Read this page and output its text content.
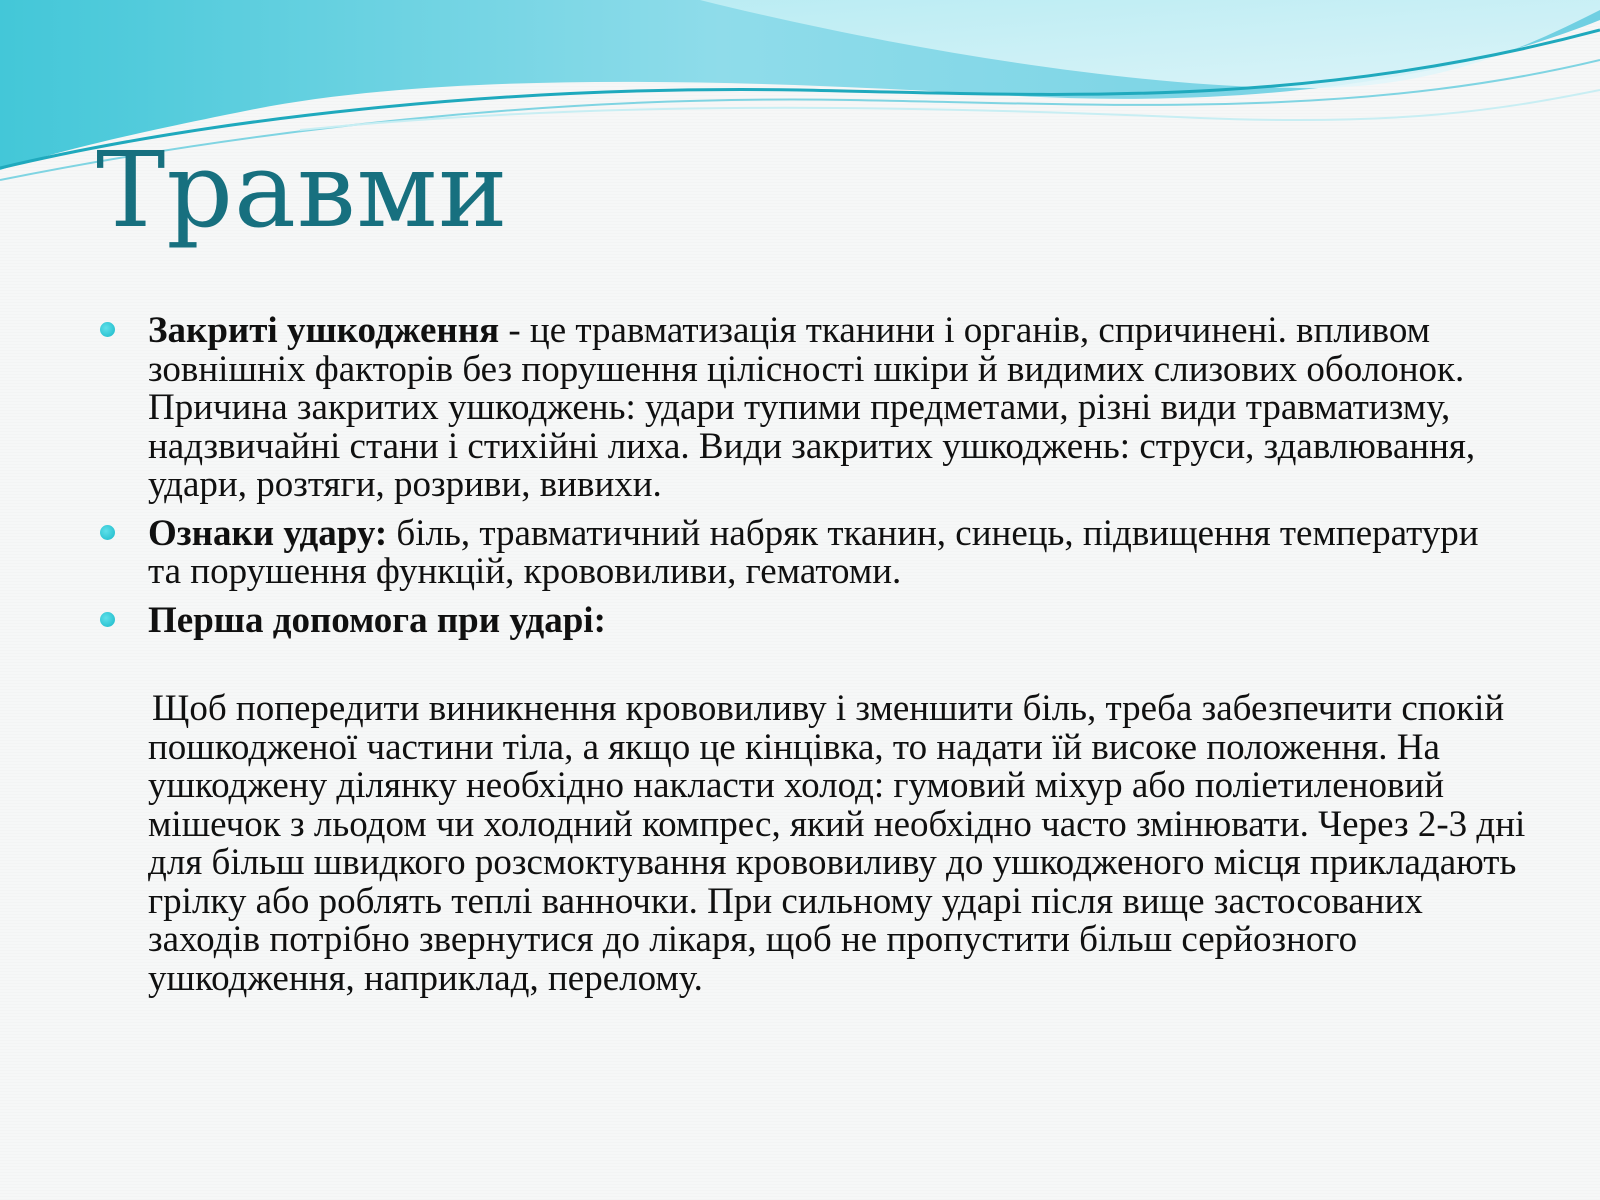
Травми
Закриті ушкодження - це травматизація тканини і органів, спричинені. впливом зовнішніх факторів без порушення цілісності шкіри й видимих слизових оболонок. Причина закритих ушкоджень: удари тупими предметами, різні види травматизму, надзвичайні стани і стихійні лиха. Види закритих ушкоджень: струси, здавлювання, удари, розтяги, розриви, вивихи.
Ознаки удару: біль, травматичний набряк тканин, синець, підвищення температури та порушення функцій, крововиливи, гематоми.
Перша допомога при ударі:

Щоб попередити виникнення крововиливу і зменшити біль, треба забезпечити спокій пошкодженої частини тіла, а якщо це кінцівка, то надати їй високе положення. На ушкоджену ділянку необхідно накласти холод: гумовий міхур або поліетиленовий мішечок з льодом чи холодний компрес, який необхідно часто змінювати. Через 2-3 дні для більш швидкого розсмоктування крововиливу до ушкодженого місця прикладають грілку або роблять теплі ванночки. При сильному ударі після вище застосованих заходів потрібно звернутися до лікаря, щоб не пропустити більш серйозного ушкодження, наприклад, перелому.
